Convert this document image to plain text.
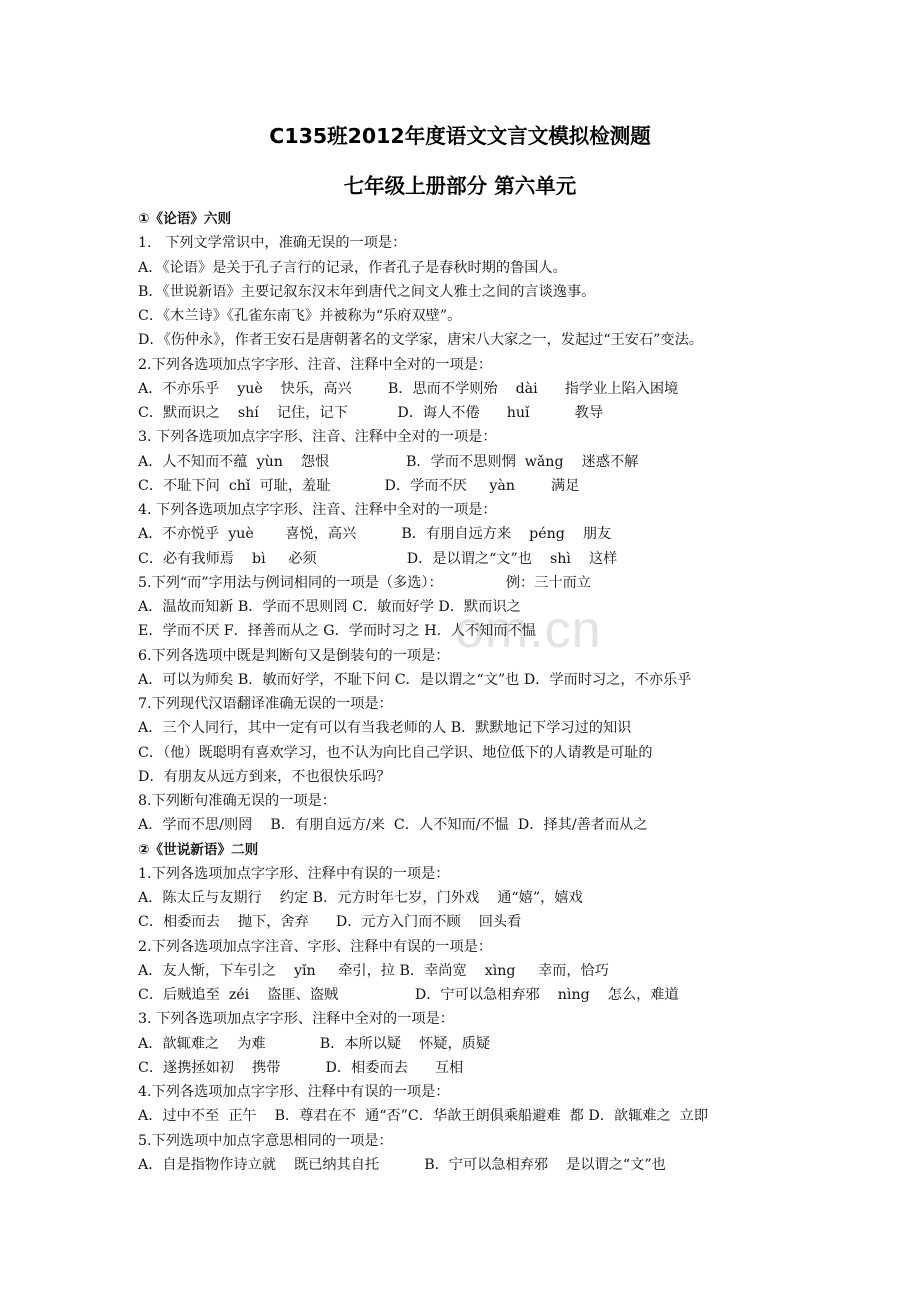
om.cn
C135班2012年度语文文言文模拟检测题
七年级上册部分 第六单元
①《论语》六则
1.   下列文学常识中，准确无误的一项是：
A．《论语》是关于孔子言行的记录，作者孔子是春秋时期的鲁国人。
B．《世说新语》主要记叙东汉末年到唐代之间文人雅士之间的言谈逸事。
C．《木兰诗》《孔雀东南飞》并被称为“乐府双壁”。
D．《伤仲永》，作者王安石是唐朝著名的文学家，唐宋八大家之一，发起过“王安石”变法。
2.下列各选项加点字字形、注音、注释中全对的一项是：
A．不亦乐乎    yuè    快乐，高兴        B．思而不学则殆    dài      指学业上陷入困境
C．默而识之    shí    记住，记下           D．诲人不倦      huǐ          教导
3. 下列各选项加点字字形、注音、注释中全对的一项是：
A．人不知而不蕴  yùn    怨恨                 B．学而不思则惘  wǎng    迷惑不解
C．不耻下问  chǐ  可耻，羞耻            D．学而不厌     yàn        满足
4. 下列各选项加点字字形、注音、注释中全对的一项是：
A．不亦悦乎  yuè       喜悦，高兴          B．有朋自远方来    péng    朋友
C．必有我师焉    bì     必须                    D．是以谓之“文”也    shì    这样
5.下列“而”字用法与例词相同的一项是（多选）：              例：三十而立
A．温故而知新 B．学而不思则罔 C．敏而好学 D．默而识之
E．学而不厌 F．择善而从之 G．学而时习之 H．人不知而不愠
6.下列各选项中既是判断句又是倒装句的一项是：
A．可以为师矣 B．敏而好学，不耻下问 C．是以谓之“文”也 D．学而时习之，不亦乐乎
7.下列现代汉语翻译准确无误的一项是：
A．三个人同行，其中一定有可以有当我老师的人 B．默默地记下学习过的知识
C．（他）既聪明有喜欢学习，也不认为向比自己学识、地位低下的人请教是可耻的
D．有朋友从远方到来，不也很快乐吗？
8.下列断句准确无误的一项是：
A．学而不思/则罔    B．有朋自远方/来  C．人不知而/不愠  D．择其/善者而从之
②《世说新语》二则
1.下列各选项加点字字形、注释中有误的一项是：
A．陈太丘与友期行    约定 B．元方时年七岁，门外戏    通“嬉”，嬉戏
C．相委而去    抛下，舍弃      D．元方入门而不顾    回头看
2.下列各选项加点字注音、字形、注释中有误的一项是：
A．友人惭，下车引之    yǐn     牵引，拉 B．幸尚宽    xìng     幸而，恰巧
C．后贼追至  zéi    盗匪、盗贼                 D．宁可以急相弃邪    nìng    怎么，难道
3. 下列各选项加点字字形、注释中全对的一项是：
A．歆辄难之    为难            B．本所以疑    怀疑，质疑
C．遂携拯如初    携带          D．相委而去      互相
4.下列各选项加点字字形、注释中有误的一项是：
A．过中不至  正午    B．尊君在不  通“否”C．华歆王朗俱乘船避难  都 D．歆辄难之  立即
5.下列选项中加点字意思相同的一项是：
A．自是指物作诗立就    既已纳其自托          B．宁可以急相弃邪    是以谓之“文”也
